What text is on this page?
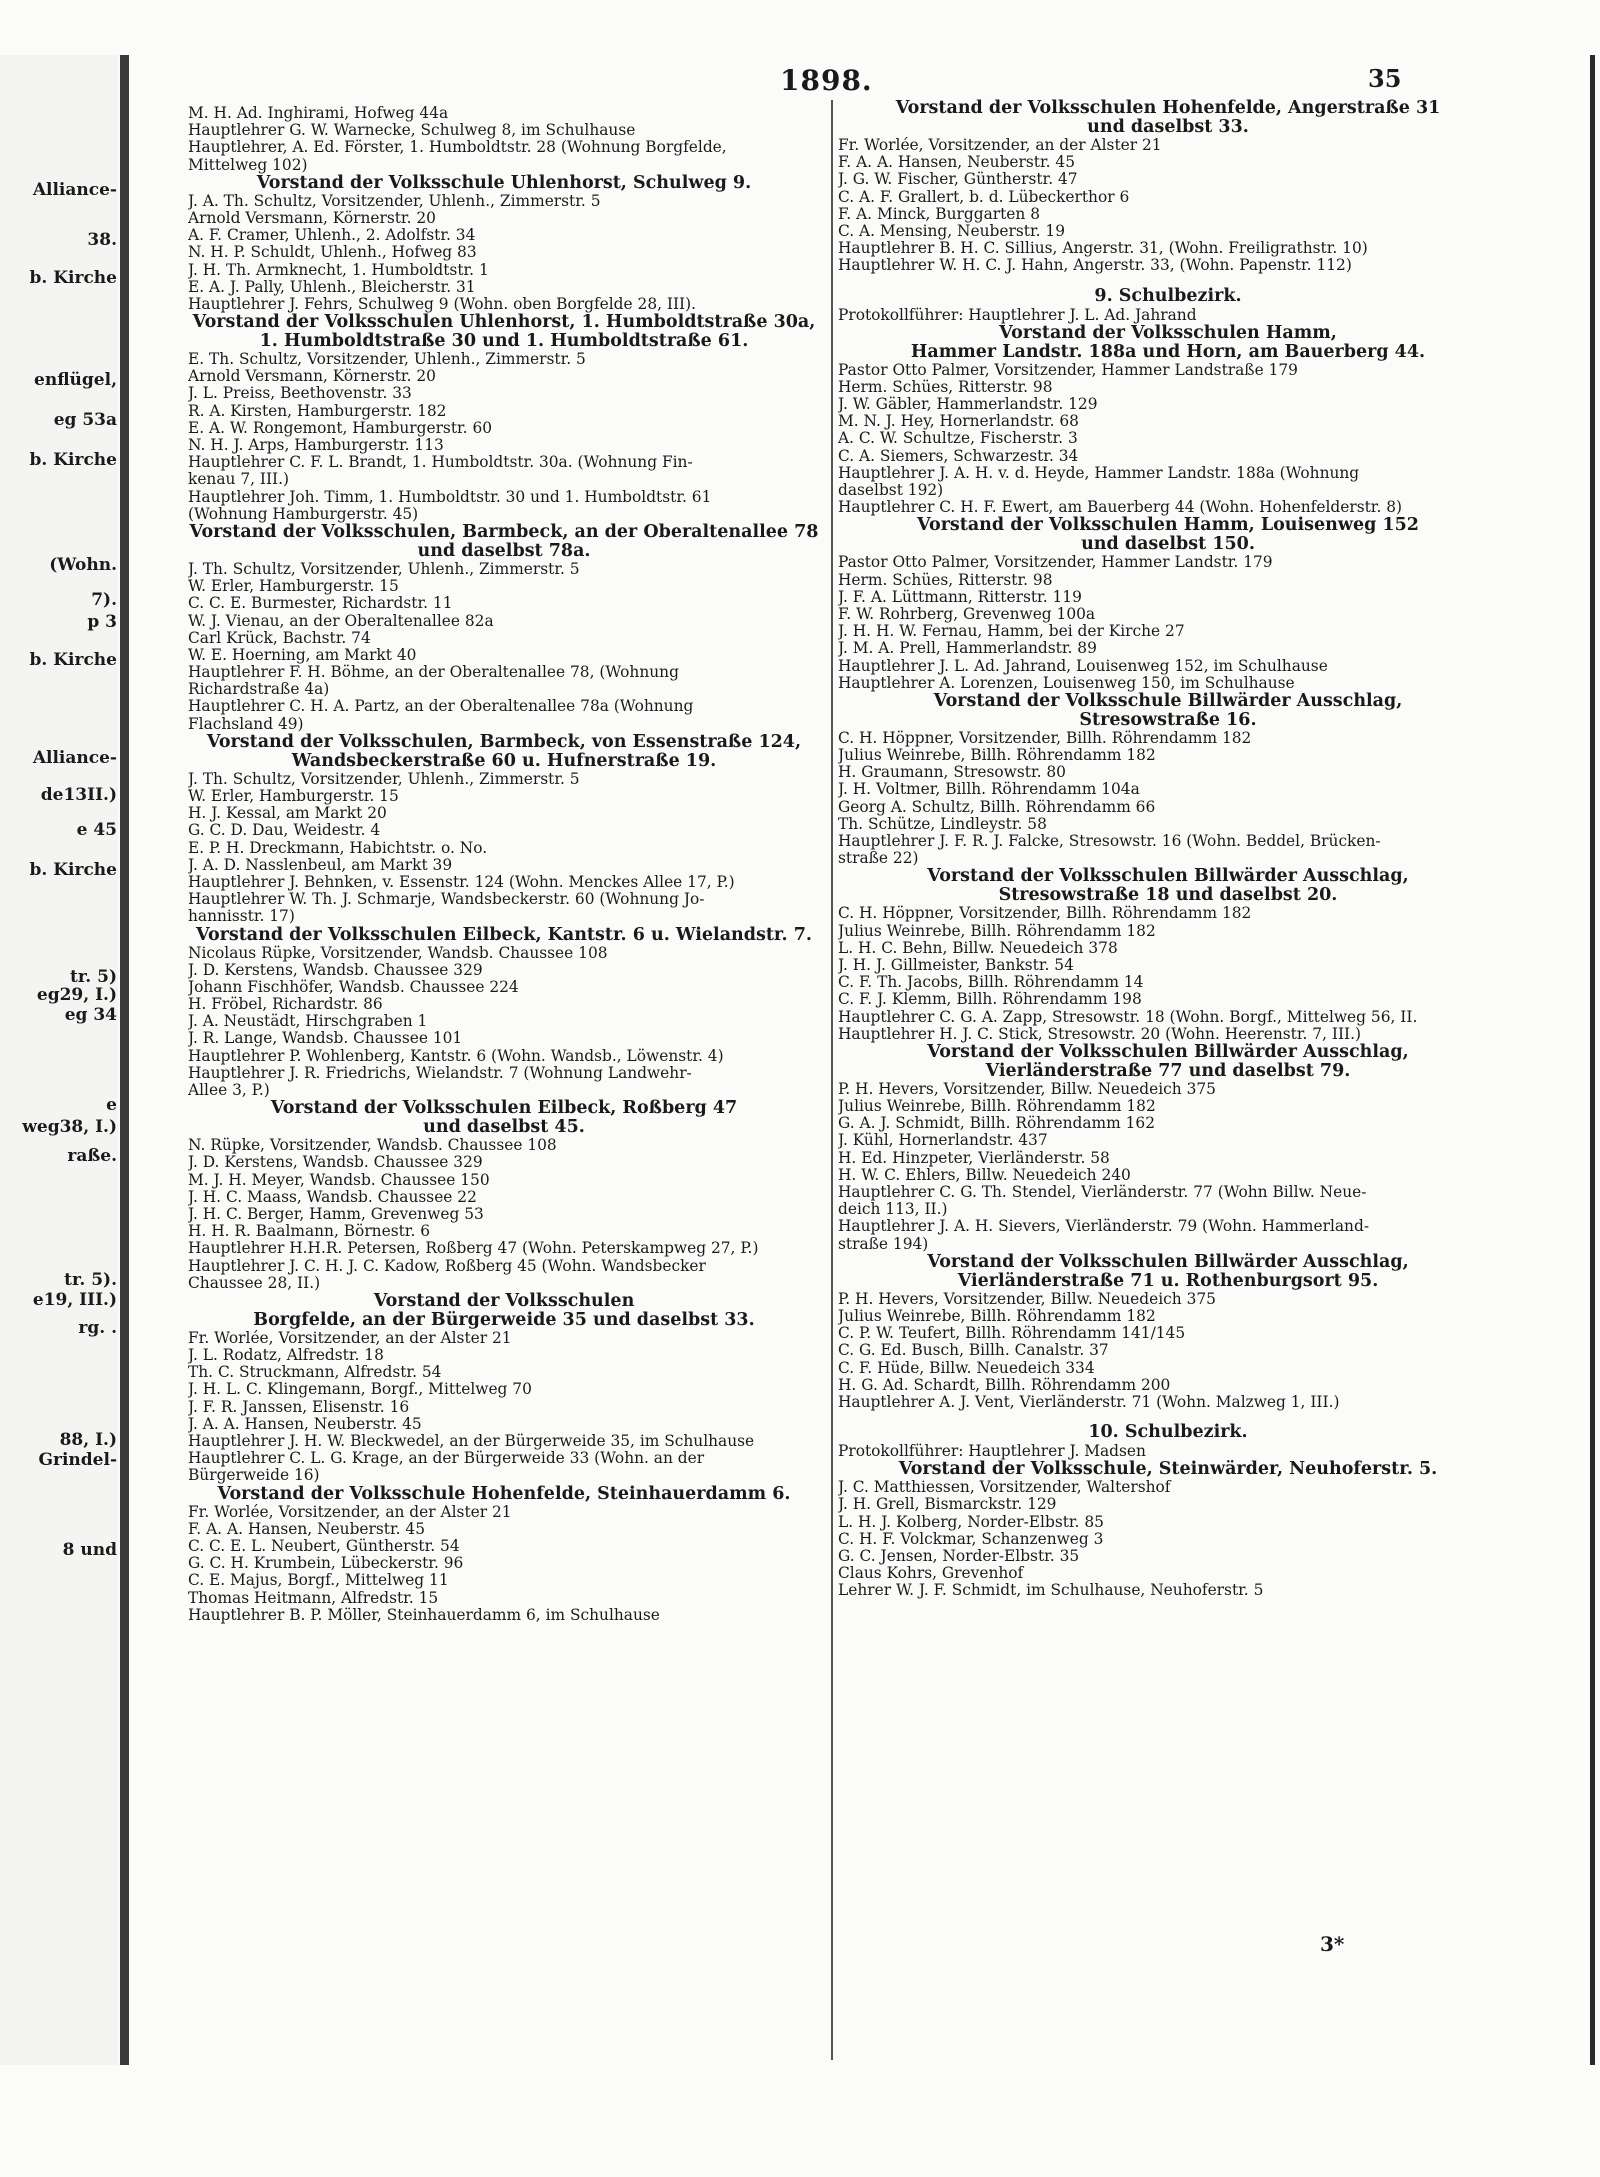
Alliance-
38.
b. Kirche
enflügel,
eg 53a
b. Kirche
(Wohn.
7).
p 3
b. Kirche
Alliance-
de13II.)
e 45
b. Kirche
tr. 5)
eg29, I.)
eg 34
e
weg38, I.)
raße.
tr. 5).
e19, III.)
rg. .
88, I.)
Grindel-
8 und
1898.	35
M. H. Ad. Inghirami, Hofweg 44a
Hauptlehrer G. W. Warnecke, Schulweg 8, im Schulhause
Hauptlehrer, A. Ed. Förster, 1. Humboldtstr. 28 (Wohnung Borgfelde,
Mittelweg 102)
Vorstand der Volksschule Uhlenhorst, Schulweg 9.
J. A. Th. Schultz, Vorsitzender, Uhlenh., Zimmerstr. 5
Arnold Versmann, Körnerstr. 20
A. F. Cramer, Uhlenh., 2. Adolfstr. 34
N. H. P. Schuldt, Uhlenh., Hofweg 83
J. H. Th. Armknecht, 1. Humboldtstr. 1
E. A. J. Pally, Uhlenh., Bleicherstr. 31
Hauptlehrer J. Fehrs, Schulweg 9 (Wohn. oben Borgfelde 28, III).
Vorstand der Volksschulen Uhlenhorst, 1. Humboldtstraße 30a,
1. Humboldtstraße 30 und 1. Humboldtstraße 61.
E. Th. Schultz, Vorsitzender, Uhlenh., Zimmerstr. 5
Arnold Versmann, Körnerstr. 20
J. L. Preiss, Beethovenstr. 33
R. A. Kirsten, Hamburgerstr. 182
E. A. W. Rongemont, Hamburgerstr. 60
N. H. J. Arps, Hamburgerstr. 113
Hauptlehrer C. F. L. Brandt, 1. Humboldtstr. 30a. (Wohnung Fin-
kenau 7, III.)
Hauptlehrer Joh. Timm, 1. Humboldtstr. 30 und 1. Humboldtstr. 61
(Wohnung Hamburgerstr. 45)
Vorstand der Volksschulen, Barmbeck, an der Oberaltenallee 78
und daselbst 78a.
J. Th. Schultz, Vorsitzender, Uhlenh., Zimmerstr. 5
W. Erler, Hamburgerstr. 15
C. C. E. Burmester, Richardstr. 11
W. J. Vienau, an der Oberaltenallee 82a
Carl Krück, Bachstr. 74
W. E. Hoerning, am Markt 40
Hauptlehrer F. H. Böhme, an der Oberaltenallee 78, (Wohnung
Richardstraße 4a)
Hauptlehrer C. H. A. Partz, an der Oberaltenallee 78a (Wohnung
Flachsland 49)
Vorstand der Volksschulen, Barmbeck, von Essenstraße 124,
Wandsbeckerstraße 60 u. Hufnerstraße 19.
J. Th. Schultz, Vorsitzender, Uhlenh., Zimmerstr. 5
W. Erler, Hamburgerstr. 15
H. J. Kessal, am Markt 20
G. C. D. Dau, Weidestr. 4
E. P. H. Dreckmann, Habichtstr. o. No.
J. A. D. Nasslenbeul, am Markt 39
Hauptlehrer J. Behnken, v. Essenstr. 124 (Wohn. Menckes Allee 17, P.)
Hauptlehrer W. Th. J. Schmarje, Wandsbeckerstr. 60 (Wohnung Jo-
hannisstr. 17)
Vorstand der Volksschulen Eilbeck, Kantstr. 6 u. Wielandstr. 7.
Nicolaus Rüpke, Vorsitzender, Wandsb. Chaussee 108
J. D. Kerstens, Wandsb. Chaussee 329
Johann Fischhöfer, Wandsb. Chaussee 224
H. Fröbel, Richardstr. 86
J. A. Neustädt, Hirschgraben 1
J. R. Lange, Wandsb. Chaussee 101
Hauptlehrer P. Wohlenberg, Kantstr. 6 (Wohn. Wandsb., Löwenstr. 4)
Hauptlehrer J. R. Friedrichs, Wielandstr. 7 (Wohnung Landwehr-
Allee 3, P.)
Vorstand der Volksschulen Eilbeck, Roßberg 47
und daselbst 45.
N. Rüpke, Vorsitzender, Wandsb. Chaussee 108
J. D. Kerstens, Wandsb. Chaussee 329
M. J. H. Meyer, Wandsb. Chaussee 150
J. H. C. Maass, Wandsb. Chaussee 22
J. H. C. Berger, Hamm, Grevenweg 53
H. H. R. Baalmann, Börnestr. 6
Hauptlehrer H.H.R. Petersen, Roßberg 47 (Wohn. Peterskampweg 27, P.)
Hauptlehrer J. C. H. J. C. Kadow, Roßberg 45 (Wohn. Wandsbecker
Chaussee 28, II.)
Vorstand der Volksschulen
Borgfelde, an der Bürgerweide 35 und daselbst 33.
Fr. Worlée, Vorsitzender, an der Alster 21
J. L. Rodatz, Alfredstr. 18
Th. C. Struckmann, Alfredstr. 54
J. H. L. C. Klingemann, Borgf., Mittelweg 70
J. F. R. Janssen, Elisenstr. 16
J. A. A. Hansen, Neuberstr. 45
Hauptlehrer J. H. W. Bleckwedel, an der Bürgerweide 35, im Schulhause
Hauptlehrer C. L. G. Krage, an der Bürgerweide 33 (Wohn. an der
Bürgerweide 16)
Vorstand der Volksschule Hohenfelde, Steinhauerdamm 6.
Fr. Worlée, Vorsitzender, an der Alster 21
F. A. A. Hansen, Neuberstr. 45
C. C. E. L. Neubert, Güntherstr. 54
G. C. H. Krumbein, Lübeckerstr. 96
C. E. Majus, Borgf., Mittelweg 11
Thomas Heitmann, Alfredstr. 15
Hauptlehrer B. P. Möller, Steinhauerdamm 6, im Schulhause
Vorstand der Volksschulen Hohenfelde, Angerstraße 31
und daselbst 33.
Fr. Worlée, Vorsitzender, an der Alster 21
F. A. A. Hansen, Neuberstr. 45
J. G. W. Fischer, Güntherstr. 47
C. A. F. Grallert, b. d. Lübeckerthor 6
F. A. Minck, Burggarten 8
C. A. Mensing, Neuberstr. 19
Hauptlehrer B. H. C. Sillius, Angerstr. 31, (Wohn. Freiligrathstr. 10)
Hauptlehrer W. H. C. J. Hahn, Angerstr. 33, (Wohn. Papenstr. 112)
9. Schulbezirk.
Protokollführer: Hauptlehrer J. L. Ad. Jahrand
Vorstand der Volksschulen Hamm,
Hammer Landstr. 188a und Horn, am Bauerberg 44.
Pastor Otto Palmer, Vorsitzender, Hammer Landstraße 179
Herm. Schües, Ritterstr. 98
J. W. Gäbler, Hammerlandstr. 129
M. N. J. Hey, Hornerlandstr. 68
A. C. W. Schultze, Fischerstr. 3
C. A. Siemers, Schwarzestr. 34
Hauptlehrer J. A. H. v. d. Heyde, Hammer Landstr. 188a (Wohnung
daselbst 192)
Hauptlehrer C. H. F. Ewert, am Bauerberg 44 (Wohn. Hohenfelderstr. 8)
Vorstand der Volksschulen Hamm, Louisenweg 152
und daselbst 150.
Pastor Otto Palmer, Vorsitzender, Hammer Landstr. 179
Herm. Schües, Ritterstr. 98
J. F. A. Lüttmann, Ritterstr. 119
F. W. Rohrberg, Grevenweg 100a
J. H. H. W. Fernau, Hamm, bei der Kirche 27
J. M. A. Prell, Hammerlandstr. 89
Hauptlehrer J. L. Ad. Jahrand, Louisenweg 152, im Schulhause
Hauptlehrer A. Lorenzen, Louisenweg 150, im Schulhause
Vorstand der Volksschule Billwärder Ausschlag,
Stresowstraße 16.
C. H. Höppner, Vorsitzender, Billh. Röhrendamm 182
Julius Weinrebe, Billh. Röhrendamm 182
H. Graumann, Stresowstr. 80
J. H. Voltmer, Billh. Röhrendamm 104a
Georg A. Schultz, Billh. Röhrendamm 66
Th. Schütze, Lindleystr. 58
Hauptlehrer J. F. R. J. Falcke, Stresowstr. 16 (Wohn. Beddel, Brücken-
straße 22)
Vorstand der Volksschulen Billwärder Ausschlag,
Stresowstraße 18 und daselbst 20.
C. H. Höppner, Vorsitzender, Billh. Röhrendamm 182
Julius Weinrebe, Billh. Röhrendamm 182
L. H. C. Behn, Billw. Neuedeich 378
J. H. J. Gillmeister, Bankstr. 54
C. F. Th. Jacobs, Billh. Röhrendamm 14
C. F. J. Klemm, Billh. Röhrendamm 198
Hauptlehrer C. G. A. Zapp, Stresowstr. 18 (Wohn. Borgf., Mittelweg 56, II.
Hauptlehrer H. J. C. Stick, Stresowstr. 20 (Wohn. Heerenstr. 7, III.)
Vorstand der Volksschulen Billwärder Ausschlag,
Vierländerstraße 77 und daselbst 79.
P. H. Hevers, Vorsitzender, Billw. Neuedeich 375
Julius Weinrebe, Billh. Röhrendamm 182
G. A. J. Schmidt, Billh. Röhrendamm 162
J. Kühl, Hornerlandstr. 437
H. Ed. Hinzpeter, Vierländerstr. 58
H. W. C. Ehlers, Billw. Neuedeich 240
Hauptlehrer C. G. Th. Stendel, Vierländerstr. 77 (Wohn Billw. Neue-
deich 113, II.)
Hauptlehrer J. A. H. Sievers, Vierländerstr. 79 (Wohn. Hammerland-
straße 194)
Vorstand der Volksschulen Billwärder Ausschlag,
Vierländerstraße 71 u. Rothenburgsort 95.
P. H. Hevers, Vorsitzender, Billw. Neuedeich 375
Julius Weinrebe, Billh. Röhrendamm 182
C. P. W. Teufert, Billh. Röhrendamm 141/145
C. G. Ed. Busch, Billh. Canalstr. 37
C. F. Hüde, Billw. Neuedeich 334
H. G. Ad. Schardt, Billh. Röhrendamm 200
Hauptlehrer A. J. Vent, Vierländerstr. 71 (Wohn. Malzweg 1, III.)
10. Schulbezirk.
Protokollführer: Hauptlehrer J. Madsen
Vorstand der Volksschule, Steinwärder, Neuhoferstr. 5.
J. C. Matthiessen, Vorsitzender, Waltershof
J. H. Grell, Bismarckstr. 129
L. H. J. Kolberg, Norder-Elbstr. 85
C. H. F. Volckmar, Schanzenweg 3
G. C. Jensen, Norder-Elbstr. 35
Claus Kohrs, Grevenhof
Lehrer W. J. F. Schmidt, im Schulhause, Neuhoferstr. 5
3*
